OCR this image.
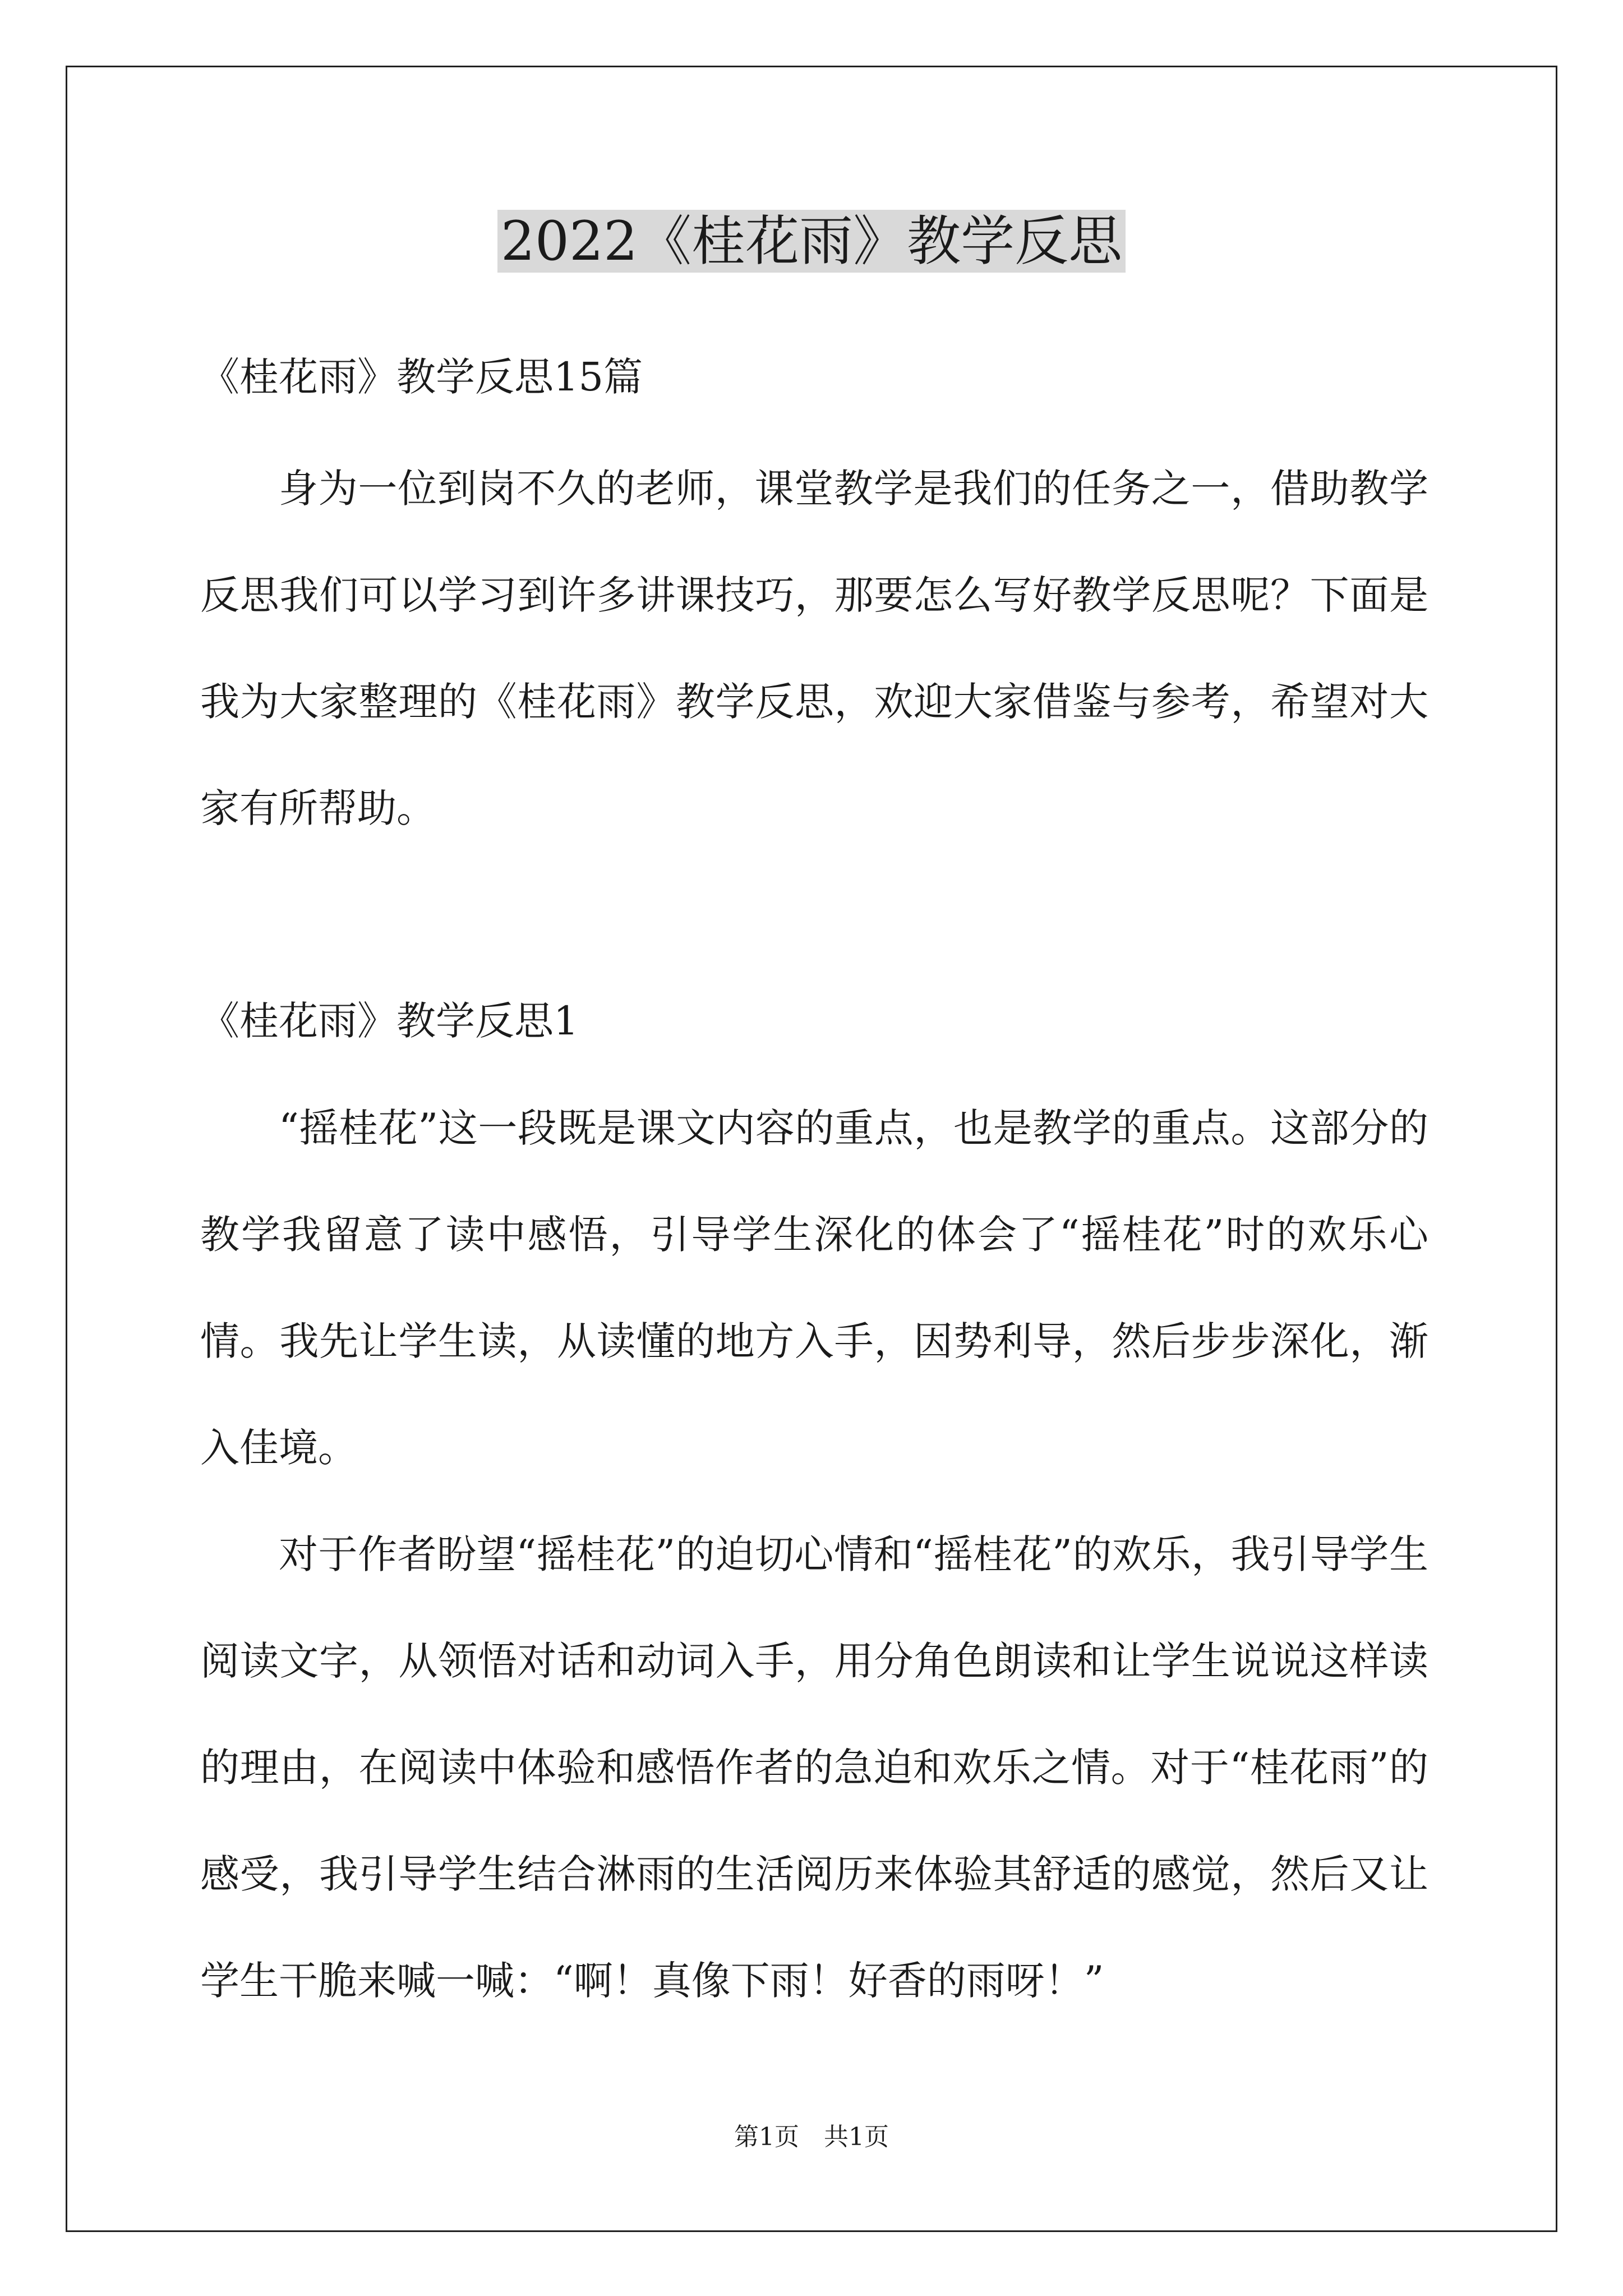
2022《桂花雨》教学反思

《桂花雨》教学反思15篇

身为一位到岗不久的老师，课堂教学是我们的任务之一，借助教学反思我们可以学习到许多讲课技巧，那要怎么写好教学反思呢？下面是我为大家整理的《桂花雨》教学反思，欢迎大家借鉴与参考，希望对大家有所帮助。

《桂花雨》教学反思1

“摇桂花”这一段既是课文内容的重点，也是教学的重点。这部分的教学我留意了读中感悟，引导学生深化的体会了“摇桂花”时的欢乐心情。我先让学生读，从读懂的地方入手，因势利导，然后步步深化，渐入佳境。

对于作者盼望“摇桂花”的迫切心情和“摇桂花”的欢乐，我引导学生阅读文字，从领悟对话和动词入手，用分角色朗读和让学生说说这样读的理由，在阅读中体验和感悟作者的急迫和欢乐之情。对于“桂花雨”的感受，我引导学生结合淋雨的生活阅历来体验其舒适的感觉，然后又让学生干脆来喊一喊：“啊！真像下雨！好香的雨呀！”

第1页　共1页
